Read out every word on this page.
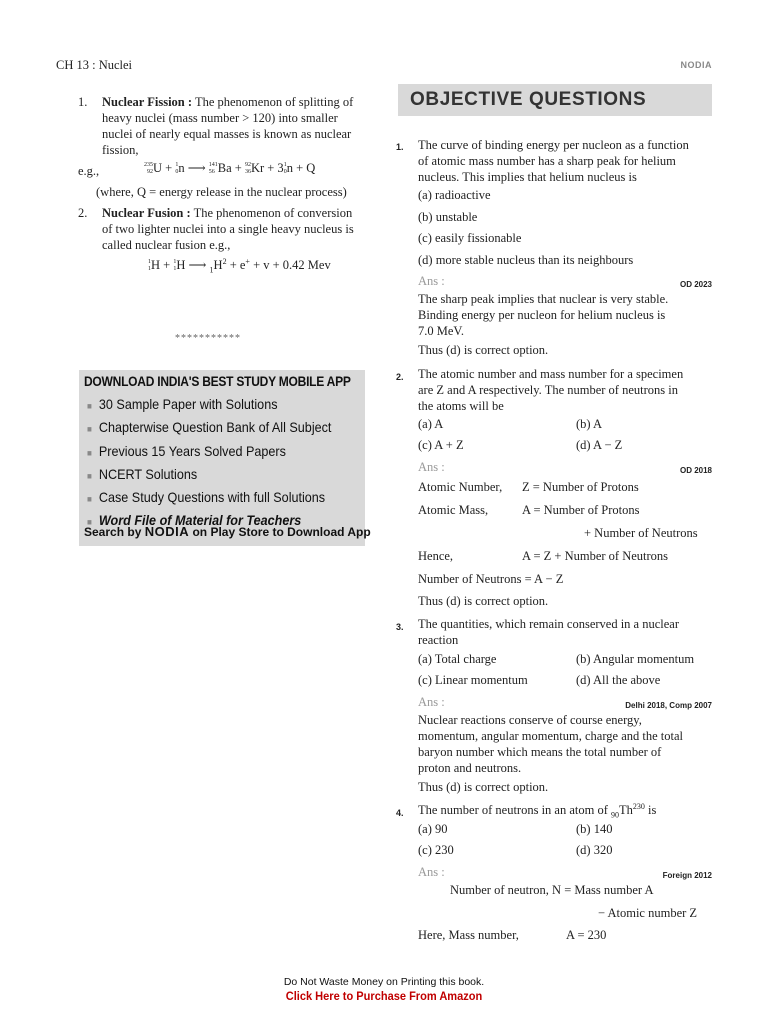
CH 13 : Nuclei	NODIA
1. Nuclear Fission : The phenomenon of splitting of
heavy nuclei (mass number > 120) into smaller
nuclei of nearly equal masses is known as nuclear
fission,
e.g.,	235
92U + 1
0n ⟶ 141
56 Ba + 92
36Kr + 31
0n + Q
(where, Q = energy release in the nuclear process)
2. Nuclear Fusion : The phenomenon of conversion
of two lighter nuclei into a single heavy nucleus is
called nuclear fusion e.g.,
1
1H + 1
1H ⟶ $_1H^2 + e^+ + v + 0.42$ Mev
***********
DOWNLOAD INDIA'S BEST STUDY MOBILE APP
■ 30 Sample Paper with Solutions
■ Chapterwise Question Bank of All Subject
■ Previous 15 Years Solved Papers
■ NCERT Solutions
■ Case Study Questions with full Solutions
■ Word File of Material for Teachers
Search by NODIA on Play Store to Download App
OBJECTIVE QUESTIONS
1. The curve of binding energy per nucleon as a function
of atomic mass number has a sharp peak for helium
nucleus. This implies that helium nucleus is
(a) radioactive
(b) unstable
(c) easily fissionable
(d) more stable nucleus than its neighbours
Ans :	OD 2023
The sharp peak implies that nuclear is very stable.
Binding energy per nucleon for helium nucleus is
7.0 MeV.
Thus (d) is correct option.
2. The atomic number and mass number for a specimen
are Z and A respectively. The number of neutrons in
the atoms will be
(a) A	(b) A
(c) A + Z	(d) A − Z
Ans :	OD 2018
Atomic Number, Z = Number of Protons
Atomic Mass,	A = Number of Protons
+ Number of Neutrons
Hence,	A = Z + Number of Neutrons
Number of Neutrons = A − Z
Thus (d) is correct option.
3. The quantities, which remain conserved in a nuclear
reaction
(a) Total charge	(b) Angular momentum
(c) Linear momentum	(d) All the above
Ans :	Delhi 2018, Comp 2007
Nuclear reactions conserve of course energy,
momentum, angular momentum, charge and the total
baryon number which means the total number of
proton and neutrons.
Thus (d) is correct option.
4. The number of neutrons in an atom of $_{90}Th^{230}$ is
(a) 90	(b) 140
(c) 230	(d) 320
Ans :	Foreign 2012
Number of neutron, N = Mass number A
− Atomic number Z
Here, Mass number,	A = 230
Do Not Waste Money on Printing this book.
Click Here to Purchase From Amazon
